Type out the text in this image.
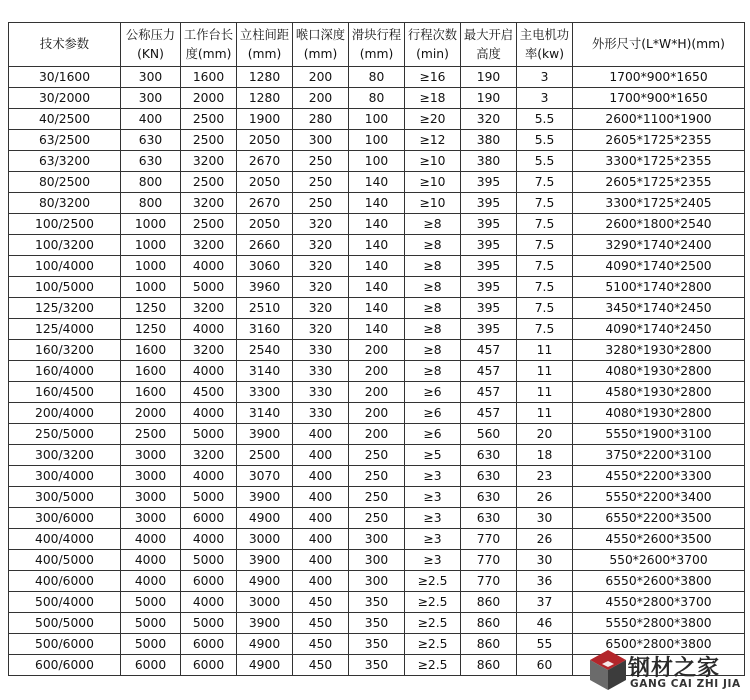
技术参数	公称压力 (KN)	工作台长度(mm)	立柱间距 (mm)	喉口深度 (mm)	滑块行程 (mm)	行程次数 (min)	最大开启高度	主电机功率(kw)	外形尺寸(L*W*H)(mm)
30/1600	300	1600	1280	200	80	≥16	190	3	1700*900*1650
30/2000	300	2000	1280	200	80	≥18	190	3	1700*900*1650
40/2500	400	2500	1900	280	100	≥20	320	5.5	2600*1100*1900
63/2500	630	2500	2050	300	100	≥12	380	5.5	2605*1725*2355
63/3200	630	3200	2670	250	100	≥10	380	5.5	3300*1725*2355
80/2500	800	2500	2050	250	140	≥10	395	7.5	2605*1725*2355
80/3200	800	3200	2670	250	140	≥10	395	7.5	3300*1725*2405
100/2500	1000	2500	2050	320	140	≥8	395	7.5	2600*1800*2540
100/3200	1000	3200	2660	320	140	≥8	395	7.5	3290*1740*2400
100/4000	1000	4000	3060	320	140	≥8	395	7.5	4090*1740*2500
100/5000	1000	5000	3960	320	140	≥8	395	7.5	5100*1740*2800
125/3200	1250	3200	2510	320	140	≥8	395	7.5	3450*1740*2450
125/4000	1250	4000	3160	320	140	≥8	395	7.5	4090*1740*2450
160/3200	1600	3200	2540	330	200	≥8	457	11	3280*1930*2800
160/4000	1600	4000	3140	330	200	≥8	457	11	4080*1930*2800
160/4500	1600	4500	3300	330	200	≥6	457	11	4580*1930*2800
200/4000	2000	4000	3140	330	200	≥6	457	11	4080*1930*2800
250/5000	2500	5000	3900	400	200	≥6	560	20	5550*1900*3100
300/3200	3000	3200	2500	400	250	≥5	630	18	3750*2200*3100
300/4000	3000	4000	3070	400	250	≥3	630	23	4550*2200*3300
300/5000	3000	5000	3900	400	250	≥3	630	26	5550*2200*3400
300/6000	3000	6000	4900	400	250	≥3	630	30	6550*2200*3500
400/4000	4000	4000	3000	400	300	≥3	770	26	4550*2600*3500
400/5000	4000	5000	3900	400	300	≥3	770	30	550*2600*3700
400/6000	4000	6000	4900	400	300	≥2.5	770	36	6550*2600*3800
500/4000	5000	4000	3000	450	350	≥2.5	860	37	4550*2800*3700
500/5000	5000	5000	3900	450	350	≥2.5	860	46	5550*2800*3800
500/6000	5000	6000	4900	450	350	≥2.5	860	55	6500*2800*3800
600/6000	6000	6000	4900	450	350	≥2.5	860	60		钢材之家
GANG CAI ZHI JIA
